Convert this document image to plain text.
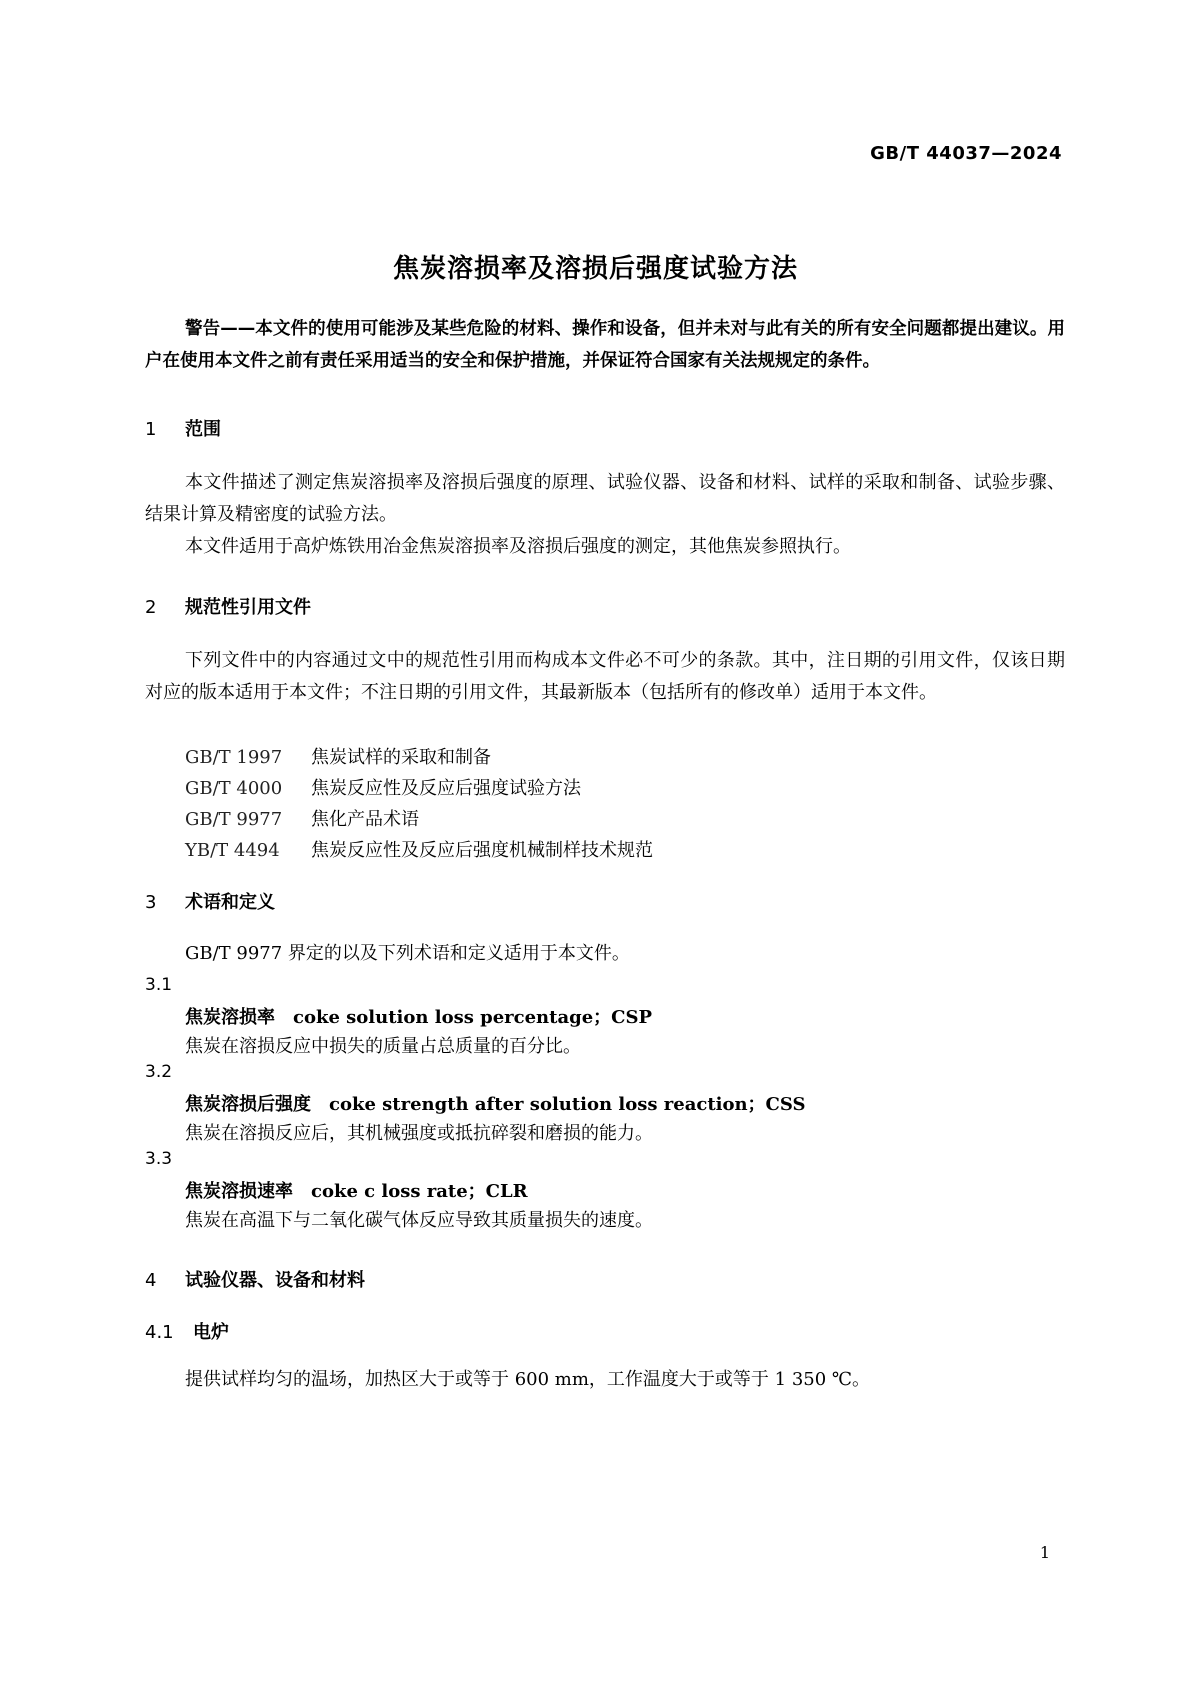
GB/T 44037—2024
焦炭溶损率及溶损后强度试验方法
警告——本文件的使用可能涉及某些危险的材料、操作和设备，但并未对与此有关的所有安全问题都提出建议。用户在使用本文件之前有责任采用适当的安全和保护措施，并保证符合国家有关法规规定的条件。
1 范围
本文件描述了测定焦炭溶损率及溶损后强度的原理、试验仪器、设备和材料、试样的采取和制备、试验步骤、结果计算及精密度的试验方法。
本文件适用于高炉炼铁用冶金焦炭溶损率及溶损后强度的测定，其他焦炭参照执行。
2 规范性引用文件
下列文件中的内容通过文中的规范性引用而构成本文件必不可少的条款。其中，注日期的引用文件，仅该日期对应的版本适用于本文件；不注日期的引用文件，其最新版本（包括所有的修改单）适用于本文件。
GB/T 1997 焦炭试样的采取和制备
GB/T 4000 焦炭反应性及反应后强度试验方法
GB/T 9977 焦化产品术语
YB/T 4494 焦炭反应性及反应后强度机械制样技术规范
3 术语和定义
GB/T 9977 界定的以及下列术语和定义适用于本文件。
3.1
焦炭溶损率 coke solution loss percentage；CSP
焦炭在溶损反应中损失的质量占总质量的百分比。
3.2
焦炭溶损后强度 coke strength after solution loss reaction；CSS
焦炭在溶损反应后，其机械强度或抵抗碎裂和磨损的能力。
3.3
焦炭溶损速率 coke c loss rate；CLR
焦炭在高温下与二氧化碳气体反应导致其质量损失的速度。
4 试验仪器、设备和材料
4.1 电炉
提供试样均匀的温场，加热区大于或等于 600 mm，工作温度大于或等于 1 350 ℃。
1
